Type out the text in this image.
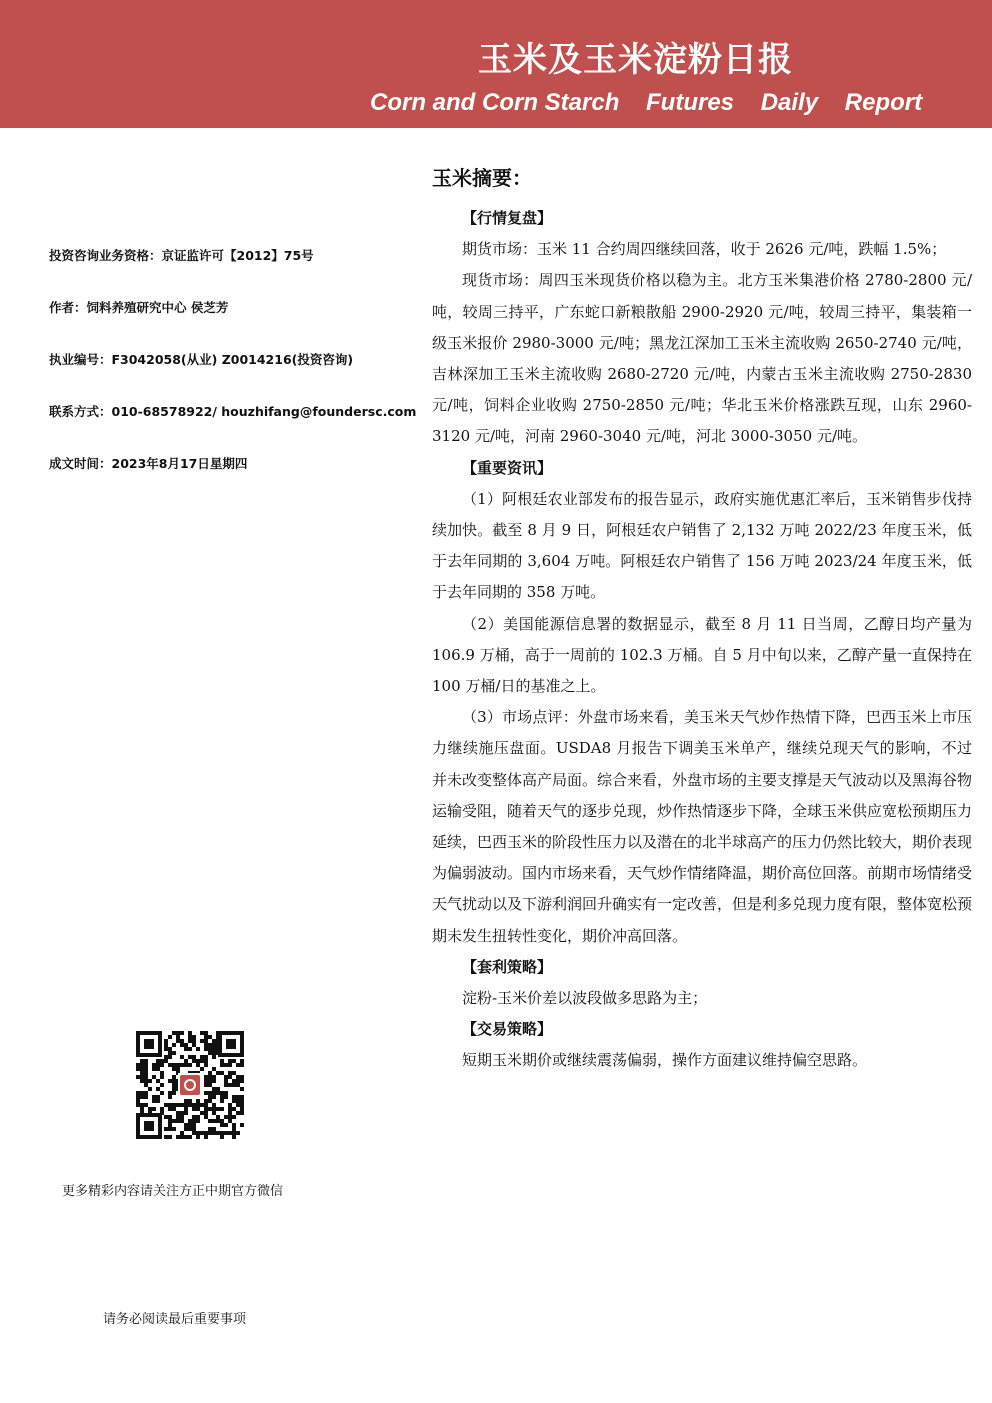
玉米及玉米淀粉日报
Corn and Corn Starch    Futures    Daily    Report
投资咨询业务资格：京证监许可【2012】75号
作者：饲料养殖研究中心 侯芝芳
执业编号：F3042058(从业) Z0014216(投资咨询)
联系方式：010-68578922/ houzhifang@foundersc.com
成文时间：2023年8月17日星期四
更多精彩内容请关注方正中期官方微信
请务必阅读最后重要事项
玉米摘要：
【行情复盘】

期货市场：玉米 11 合约周四继续回落，收于 2626 元/吨，跌幅 1.5%；

现货市场：周四玉米现货价格以稳为主。北方玉米集港价格 2780-2800 元/吨，较周三持平，广东蛇口新粮散船 2900-2920 元/吨，较周三持平，集装箱一级玉米报价 2980-3000 元/吨；黑龙江深加工玉米主流收购 2650-2740 元/吨，吉林深加工玉米主流收购 2680-2720 元/吨，内蒙古玉米主流收购 2750-2830 元/吨，饲料企业收购 2750-2850 元/吨；华北玉米价格涨跌互现，山东 2960-3120 元/吨，河南 2960-3040 元/吨，河北 3000-3050 元/吨。

【重要资讯】

（1）阿根廷农业部发布的报告显示，政府实施优惠汇率后，玉米销售步伐持续加快。截至 8 月 9 日，阿根廷农户销售了 2,132 万吨 2022/23 年度玉米，低于去年同期的 3,604 万吨。阿根廷农户销售了 156 万吨 2023/24 年度玉米，低于去年同期的 358 万吨。

（2）美国能源信息署的数据显示，截至 8 月 11 日当周，乙醇日均产量为 106.9 万桶，高于一周前的 102.3 万桶。自 5 月中旬以来，乙醇产量一直保持在 100 万桶/日的基准之上。

（3）市场点评：外盘市场来看，美玉米天气炒作热情下降，巴西玉米上市压力继续施压盘面。USDA8 月报告下调美玉米单产，继续兑现天气的影响，不过并未改变整体高产局面。综合来看，外盘市场的主要支撑是天气波动以及黑海谷物运输受阻，随着天气的逐步兑现，炒作热情逐步下降，全球玉米供应宽松预期压力延续，巴西玉米的阶段性压力以及潜在的北半球高产的压力仍然比较大，期价表现为偏弱波动。国内市场来看，天气炒作情绪降温，期价高位回落。前期市场情绪受天气扰动以及下游利润回升确实有一定改善，但是利多兑现力度有限，整体宽松预期未发生扭转性变化，期价冲高回落。

【套利策略】

淀粉-玉米价差以波段做多思路为主；

【交易策略】

短期玉米期价或继续震荡偏弱，操作方面建议维持偏空思路。
